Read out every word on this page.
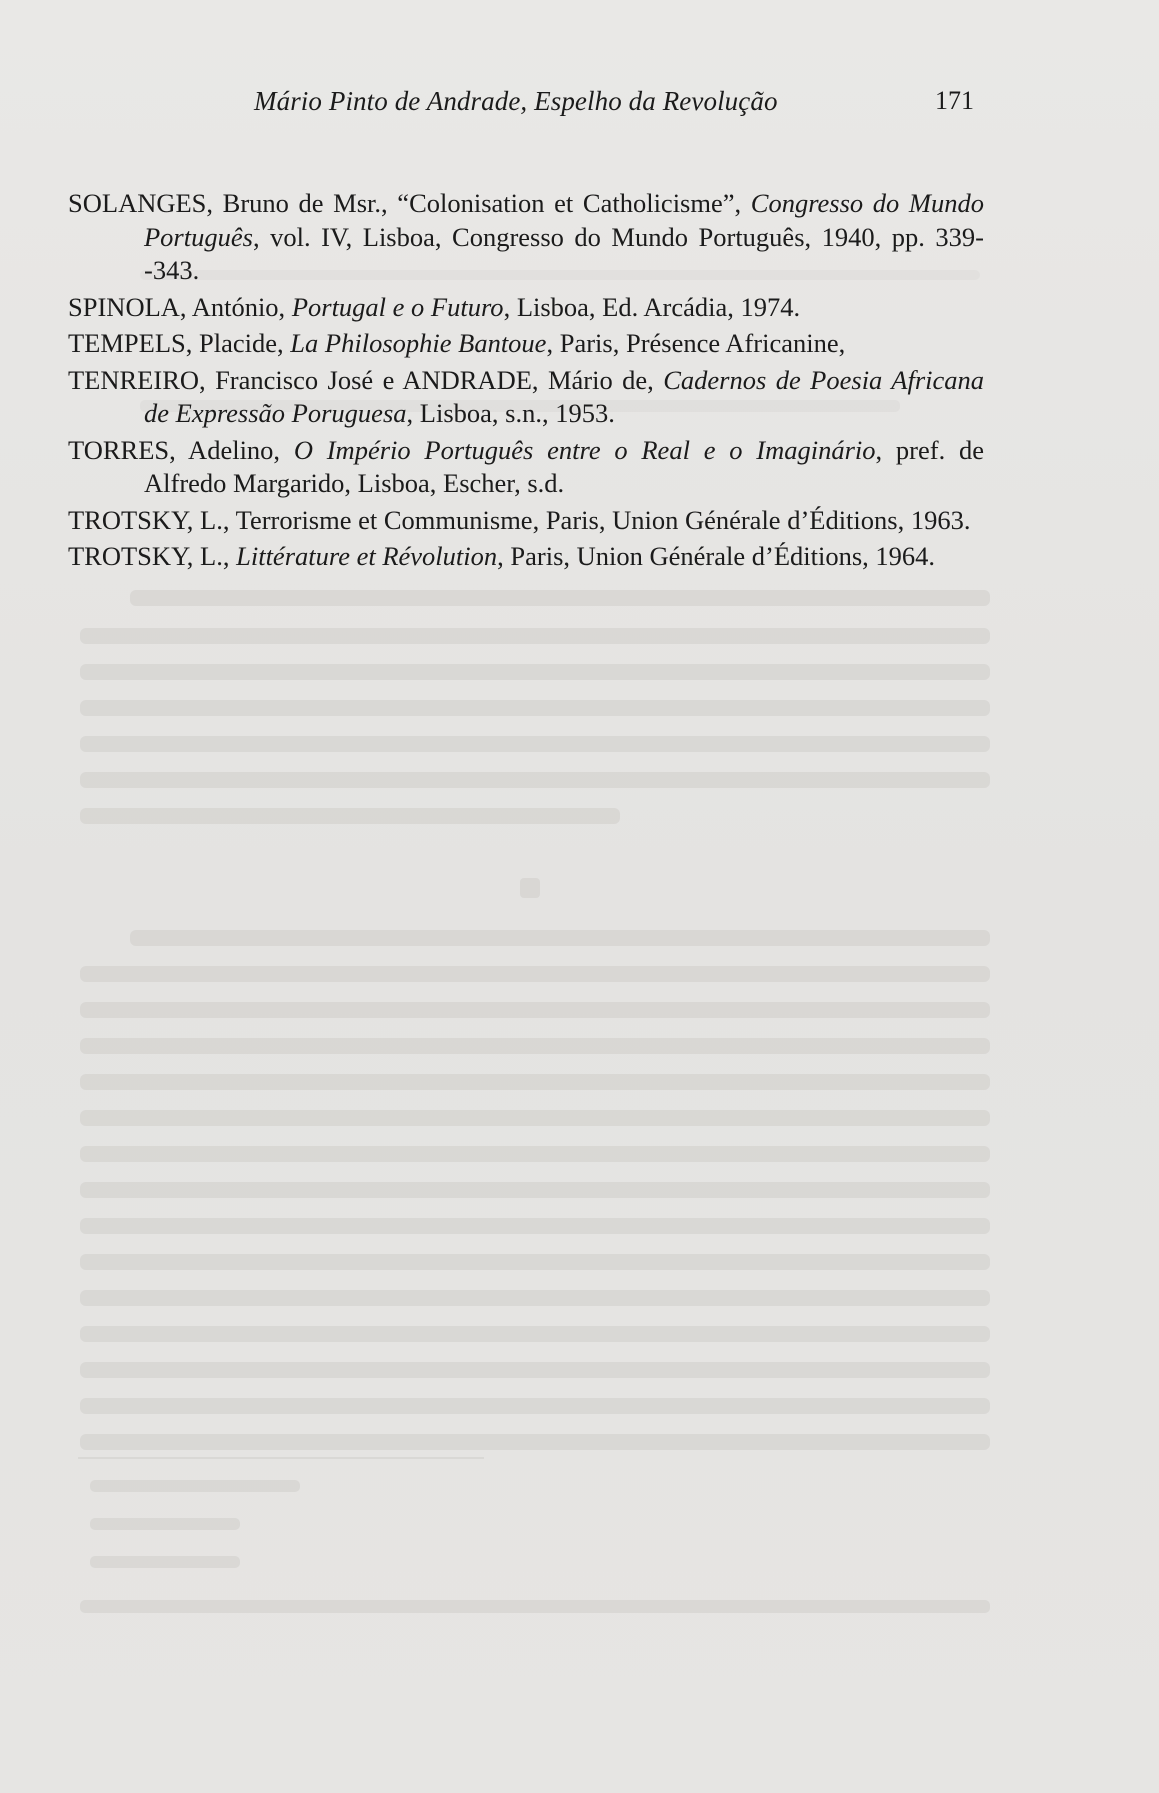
Mário Pinto de Andrade, Espelho da Revolução	171
SOLANGES, Bruno de Msr., “Colonisation et Catholicisme”, Congresso do Mundo Português, vol. IV, Lisboa, Congresso do Mundo Português, 1940, pp. 339--343.
SPINOLA, António, Portugal e o Futuro, Lisboa, Ed. Arcádia, 1974.
TEMPELS, Placide, La Philosophie Bantoue, Paris, Présence Africanine,
TENREIRO, Francisco José e ANDRADE, Mário de, Cadernos de Poesia Africana de Expressão Poruguesa, Lisboa, s.n., 1953.
TORRES, Adelino, O Império Português entre o Real e o Imaginário, pref. de Alfredo Margarido, Lisboa, Escher, s.d.
TROTSKY, L., Terrorisme et Communisme, Paris, Union Générale d’Éditions, 1963.
TROTSKY, L., Littérature et Révolution, Paris, Union Générale d’Éditions, 1964.
